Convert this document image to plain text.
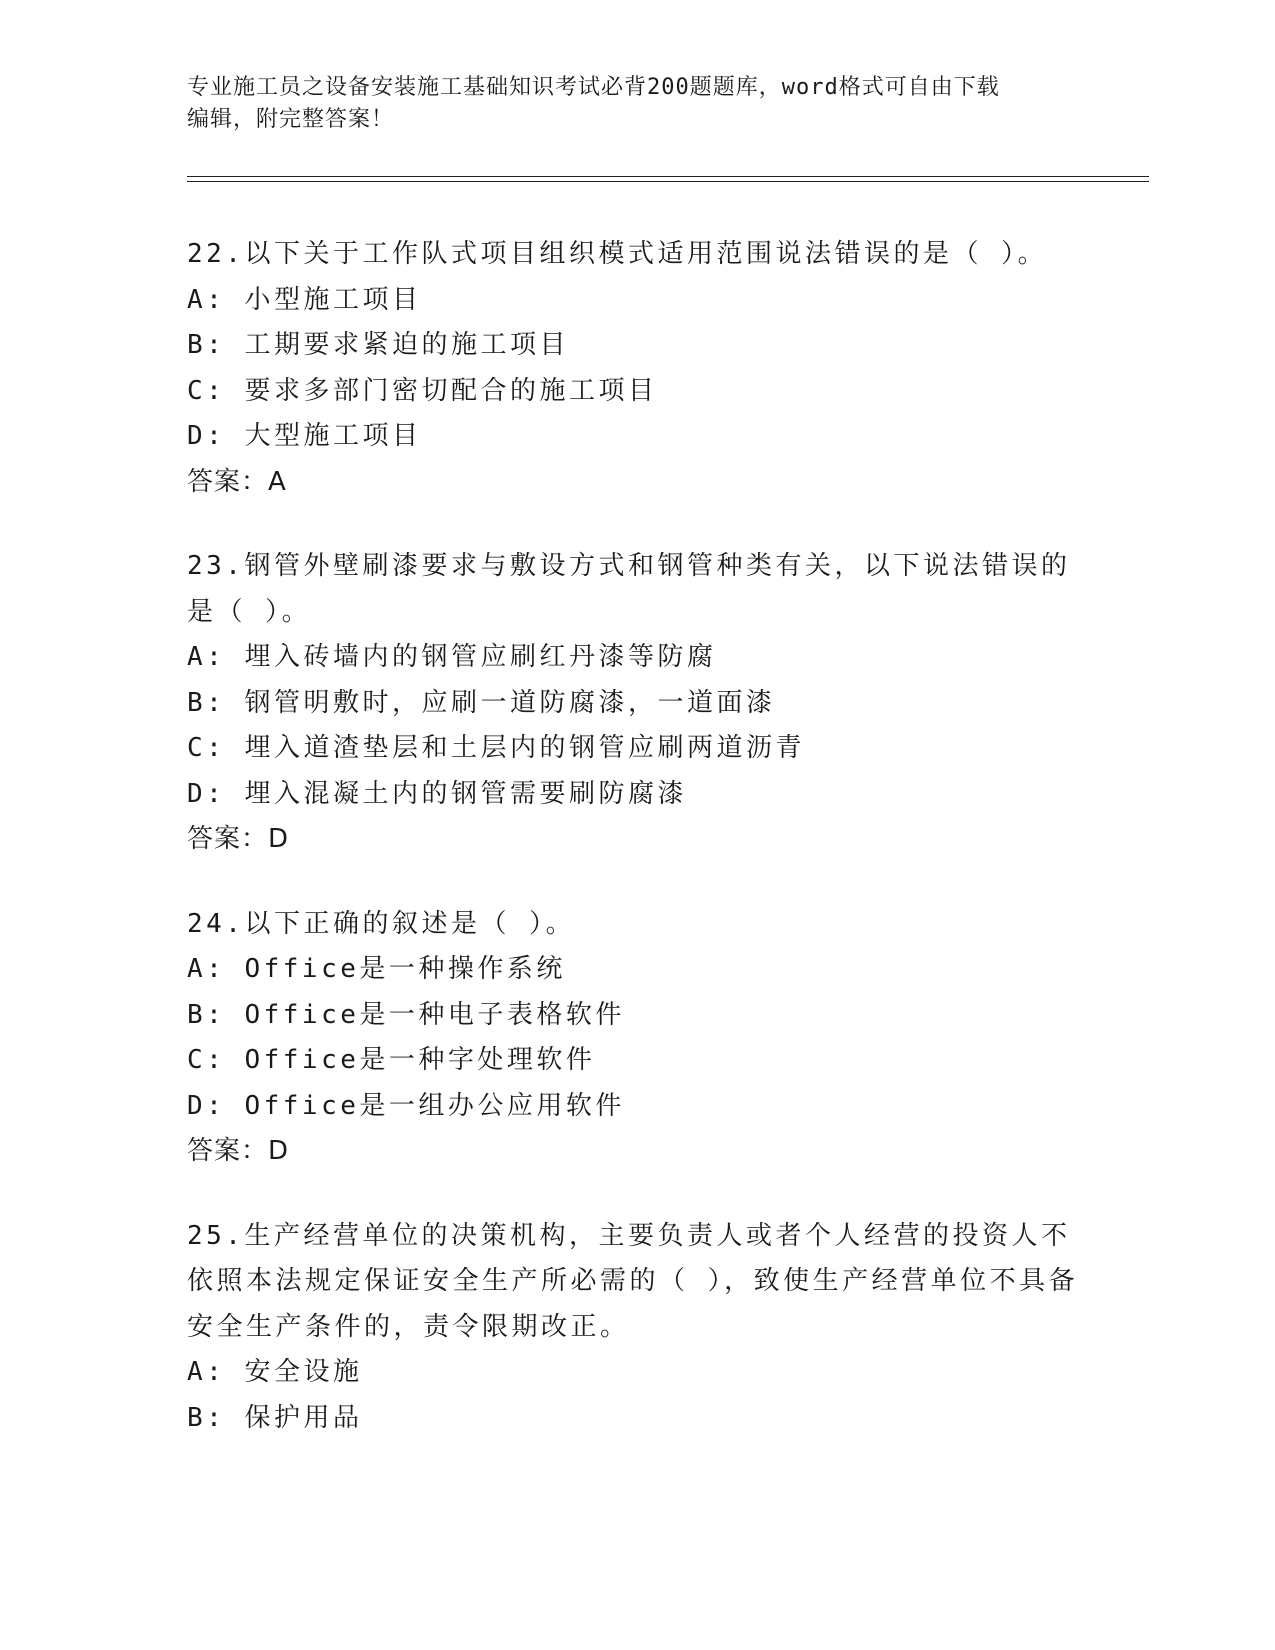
专业施工员之设备安装施工基础知识考试必背200题题库，word格式可自由下载
编辑，附完整答案！
22.以下关于工作队式项目组织模式适用范围说法错误的是（ ）。
A: 小型施工项目
B: 工期要求紧迫的施工项目
C: 要求多部门密切配合的施工项目
D: 大型施工项目
答案：A
23.钢管外壁刷漆要求与敷设方式和钢管种类有关，以下说法错误的是（ ）。
A: 埋入砖墙内的钢管应刷红丹漆等防腐
B: 钢管明敷时，应刷一道防腐漆，一道面漆
C: 埋入道渣垫层和土层内的钢管应刷两道沥青
D: 埋入混凝土内的钢管需要刷防腐漆
答案：D
24.以下正确的叙述是（ ）。
A: Office是一种操作系统
B: Office是一种电子表格软件
C: Office是一种字处理软件
D: Office是一组办公应用软件
答案：D
25.生产经营单位的决策机构，主要负责人或者个人经营的投资人不依照本法规定保证安全生产所必需的（ ），致使生产经营单位不具备安全生产条件的，责令限期改正。
A: 安全设施
B: 保护用品
